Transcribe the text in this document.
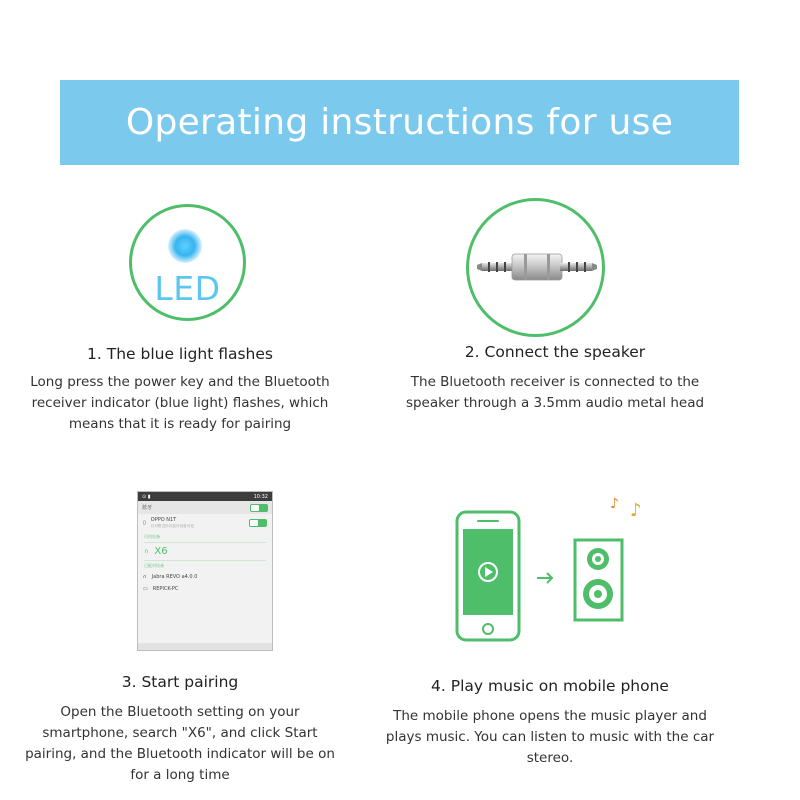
Operating instructions for use
LED
1. The blue light flashes
Long press the power key and the Bluetooth receiver indicator (blue light) flashes, which means that it is ready for pairing
2. Connect the speaker
The Bluetooth receiver is connected to the speaker through a 3.5mm audio metal head
⊙ ▮	10:32
蓝牙
▯ OPPO N1T
仅对附近所有蓝牙设备可见
可用设备
∩ X6
已配对设备
∩ Jabra REVO a4.0.0
▭ REPICK-PC
3. Start pairing
Open the Bluetooth setting on your smartphone, search "X6", and click Start pairing, and the Bluetooth indicator will be on for a long time
♪ ♪
4. Play music on mobile phone
The mobile phone opens the music player and plays music. You can listen to music with the car stereo.
